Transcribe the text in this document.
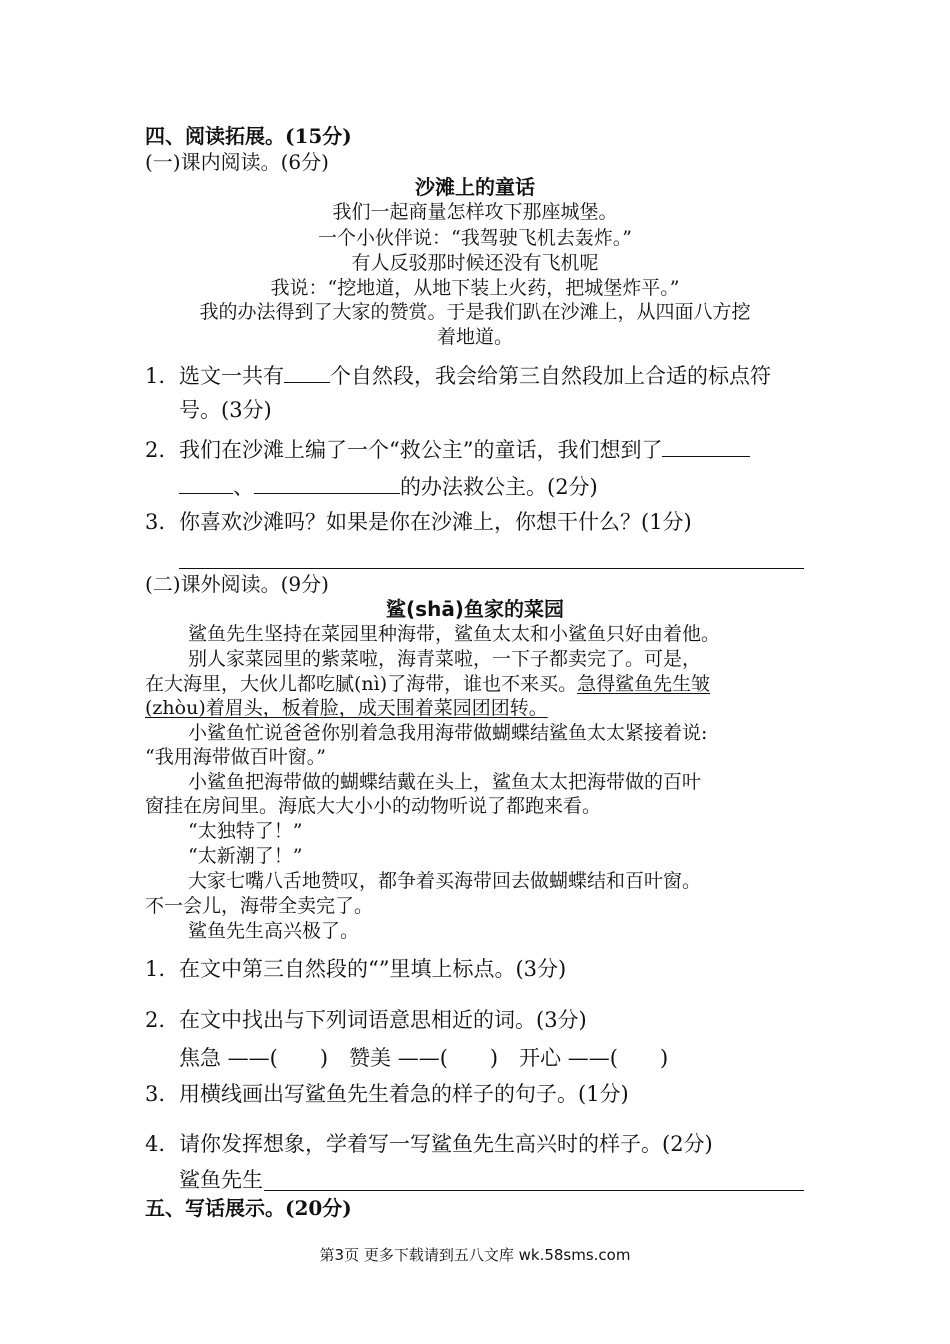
四、阅读拓展。(15分)
(一)课内阅读。(6分)
沙滩上的童话
我们一起商量怎样攻下那座城堡。
一个小伙伴说：“我驾驶飞机去轰炸。”
有人反驳那时候还没有飞机呢
我说：“挖地道，从地下装上火药，把城堡炸平。”
我的办法得到了大家的赞赏。于是我们趴在沙滩上，从四面八方挖
着地道。
1. 选文一共有 个自然段，我会给第三自然段加上合适的标点符
号。(3分)
2. 我们在沙滩上编了一个“救公主”的童话，我们想到了
、	的办法救公主。(2分)
3. 你喜欢沙滩吗？如果是你在沙滩上，你想干什么？(1分)
(二)课外阅读。(9分)
鲨(shā)鱼家的菜园
鲨鱼先生坚持在菜园里种海带，鲨鱼太太和小鲨鱼只好由着他。
别人家菜园里的紫菜啦，海青菜啦，一下子都卖完了。可是，
在大海里，大伙儿都吃腻(nì)了海带，谁也不来买。急得鲨鱼先生皱
(zhòu)着眉头，板着脸，成天围着菜园团团转。
小鲨鱼忙说爸爸你别着急我用海带做蝴蝶结鲨鱼太太紧接着说:
“我用海带做百叶窗。”
小鲨鱼把海带做的蝴蝶结戴在头上，鲨鱼太太把海带做的百叶
窗挂在房间里。海底大大小小的动物听说了都跑来看。
“太独特了！”
“太新潮了！”
大家七嘴八舌地赞叹，都争着买海带回去做蝴蝶结和百叶窗。
不一会儿，海带全卖完了。
鲨鱼先生高兴极了。
1. 在文中第三自然段的“”里填上标点。(3分)
2. 在文中找出与下列词语意思相近的词。(3分)
焦急 ——(　　)　赞美 ——(　　)　开心 ——(　　)
3. 用横线画出写鲨鱼先生着急的样子的句子。(1分)
4. 请你发挥想象，学着写一写鲨鱼先生高兴时的样子。(2分)
鲨鱼先生
五、写话展示。(20分)
第3页 更多下载请到五八文库 wk.58sms.com
